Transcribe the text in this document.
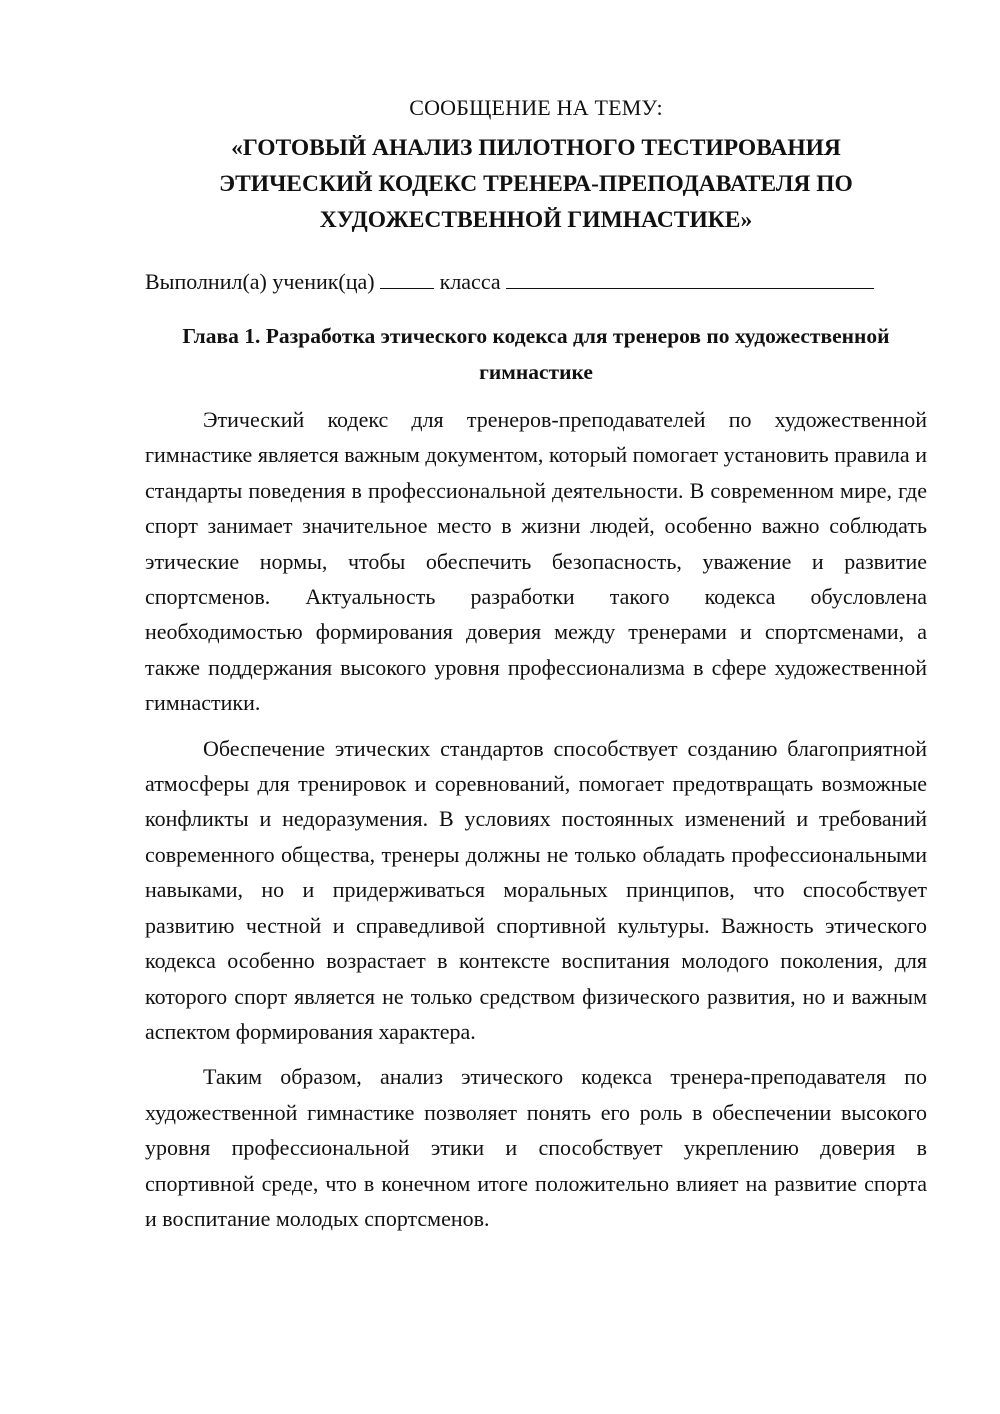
СООБЩЕНИЕ НА ТЕМУ:
«ГОТОВЫЙ АНАЛИЗ ПИЛОТНОГО ТЕСТИРОВАНИЯ ЭТИЧЕСКИЙ КОДЕКС ТРЕНЕРА-ПРЕПОДАВАТЕЛЯ ПО ХУДОЖЕСТВЕННОЙ ГИМНАСТИКЕ»
Выполнил(а) ученик(ца)	класса
Глава 1. Разработка этического кодекса для тренеров по художественной гимнастике

Этический кодекс для тренеров-преподавателей по художественной гимнастике является важным документом, который помогает установить правила и стандарты поведения в профессиональной деятельности. В современном мире, где спорт занимает значительное место в жизни людей, особенно важно соблюдать этические нормы, чтобы обеспечить безопасность, уважение и развитие спортсменов. Актуальность разработки такого кодекса обусловлена необходимостью формирования доверия между тренерами и спортсменами, а также поддержания высокого уровня профессионализма в сфере художественной гимнастики.

Обеспечение этических стандартов способствует созданию благоприятной атмосферы для тренировок и соревнований, помогает предотвращать возможные конфликты и недоразумения. В условиях постоянных изменений и требований современного общества, тренеры должны не только обладать профессиональными навыками, но и придерживаться моральных принципов, что способствует развитию честной и справедливой спортивной культуры. Важность этического кодекса особенно возрастает в контексте воспитания молодого поколения, для которого спорт является не только средством физического развития, но и важным аспектом формирования характера.

Таким образом, анализ этического кодекса тренера-преподавателя по художественной гимнастике позволяет понять его роль в обеспечении высокого уровня профессиональной этики и способствует укреплению доверия в спортивной среде, что в конечном итоге положительно влияет на развитие спорта и воспитание молодых спортсменов.
